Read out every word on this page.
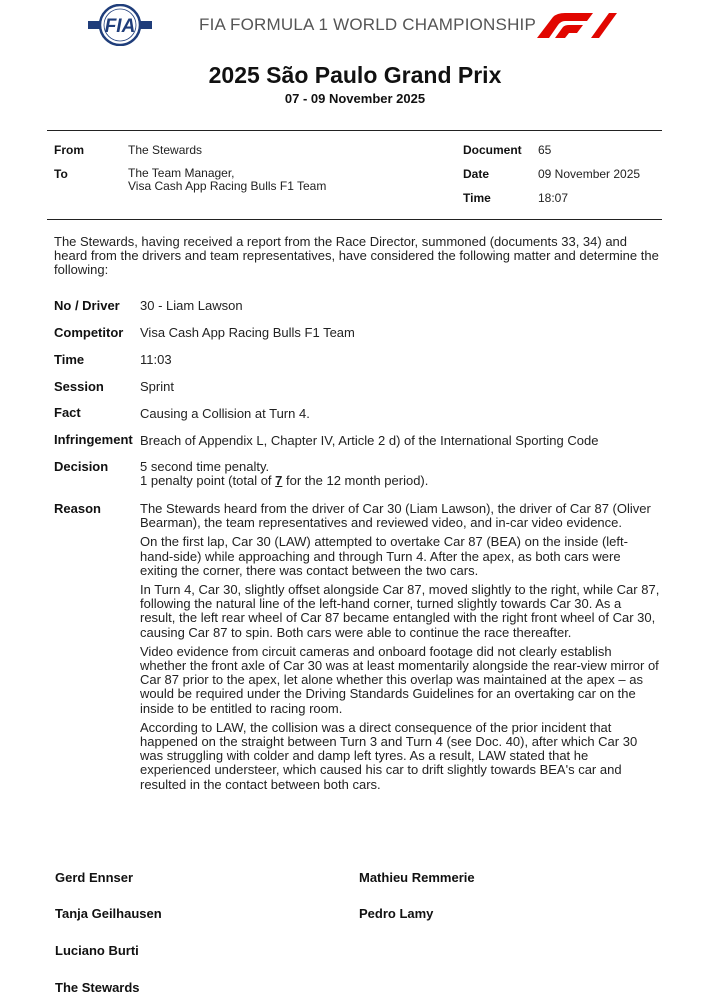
FIA	FIA FORMULA 1 WORLD CHAMPIONSHIP
2025 São Paulo Grand Prix
07 - 09 November 2025
From	The Stewards
To	The Team Manager,
Visa Cash App Racing Bulls F1 Team
Document 65
Date	09 November 2025
Time	18:07
The Stewards, having received a report from the Race Director, summoned (documents 33, 34) and heard from the drivers and team representatives, have considered the following matter and determine the following:
No / Driver 30 - Liam Lawson
Competitor Visa Cash App Racing Bulls F1 Team
Time	11:03
Session	Sprint
Fact	Causing a Collision at Turn 4.
Infringement Breach of Appendix L, Chapter IV, Article 2 d) of the International Sporting Code
Decision 5 second time penalty.
1 penalty point (total of 7 for the 12 month period).
Reason	The Stewards heard from the driver of Car 30 (Liam Lawson), the driver of Car 87 (Oliver Bearman), the team representatives and reviewed video, and in-car video evidence.

On the first lap, Car 30 (LAW) attempted to overtake Car 87 (BEA) on the inside (left-hand-side) while approaching and through Turn 4. After the apex, as both cars were exiting the corner, there was contact between the two cars.

In Turn 4, Car 30, slightly offset alongside Car 87, moved slightly to the right, while Car 87, following the natural line of the left-hand corner, turned slightly towards Car 30. As a result, the left rear wheel of Car 87 became entangled with the right front wheel of Car 30, causing Car 87 to spin. Both cars were able to continue the race thereafter.

Video evidence from circuit cameras and onboard footage did not clearly establish whether the front axle of Car 30 was at least momentarily alongside the rear-view mirror of Car 87 prior to the apex, let alone whether this overlap was maintained at the apex – as would be required under the Driving Standards Guidelines for an overtaking car on the inside to be entitled to racing room.

According to LAW, the collision was a direct consequence of the prior incident that happened on the straight between Turn 3 and Turn 4 (see Doc. 40), after which Car 30 was struggling with colder and damp left tyres. As a result, LAW stated that he experienced understeer, which caused his car to drift slightly towards BEA's car and resulted in the contact between both cars.

Gerd Ennser	Mathieu Remmerie
Tanja Geilhausen	Pedro Lamy
Luciano Burti
The Stewards
